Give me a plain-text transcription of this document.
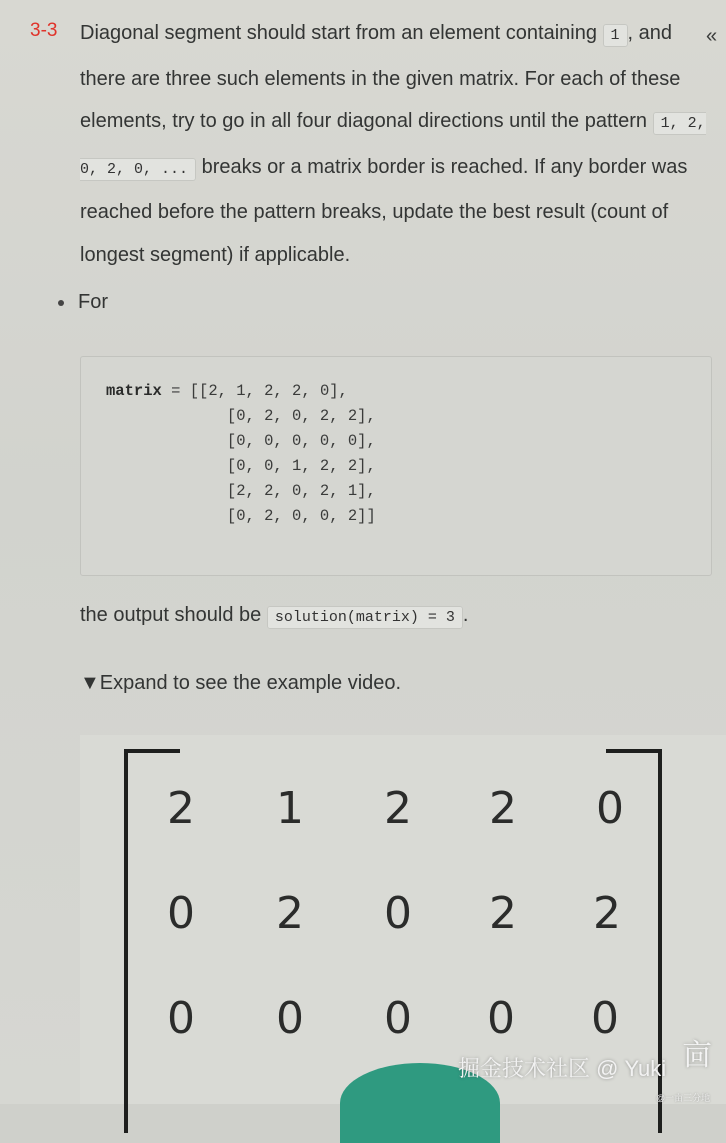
3-3	«
Diagonal segment should start from an element containing 1 , and there are three such elements in the given matrix. For each of these elements, try to go in all four diagonal directions until the pattern 1, 2, 0, 2, 0, ... breaks or a matrix border is reached. If any border was reached before the pattern breaks, update the best result (count of longest segment) if applicable.
For
matrix = [[2, 1, 2, 2, 0],
[0, 2, 0, 2, 2],
[0, 0, 0, 0, 0],
[0, 0, 1, 2, 2],
[2, 2, 0, 2, 1],
[0, 2, 0, 0, 2]]
the output should be solution(matrix) = 3 .
▼Expand to see the example video.
2 1 2 2 0
0 2 0 2 2
0 0 0 0 0
㐭
掘金技术社区 @ Yuki
@一亩三分地
